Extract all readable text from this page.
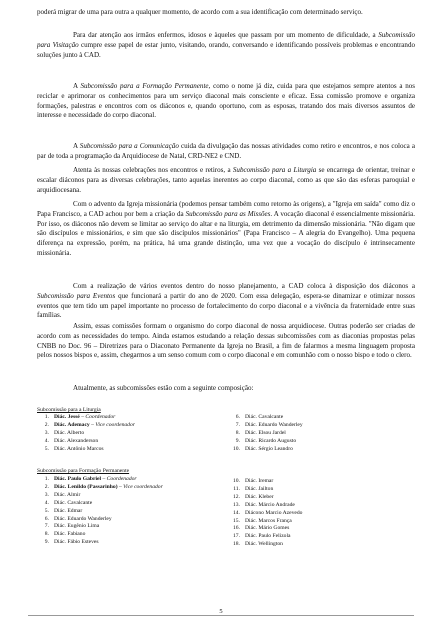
poderá migrar de uma para outra a qualquer momento, de acordo com a sua identificação com determinado serviço.

Para dar atenção aos irmãos enfermos, idosos e àqueles que passam por um momento de dificuldade, a Subcomissão para Visitação cumpre esse papel de estar junto, visitando, orando, conversando e identificando possíveis problemas e encontrando soluções junto à CAD.

A Subcomissão para a Formação Permanente, como o nome já diz, cuida para que estejamos sempre atentos a nos reciclar e aprimorar os conhecimentos para um serviço diaconal mais consciente e eficaz. Essa comissão promove e organiza formações, palestras e encontros com os diáconos e, quando oportuno, com as esposas, tratando dos mais diversos assuntos de interesse e necessidade do corpo diaconal.

A Subcomissão para a Comunicação cuida da divulgação das nossas atividades como retiro e encontros, e nos coloca a par de toda a programação da Arquidiocese de Natal, CRD-NE2 e CND.

Atenta às nossas celebrações nos encontros e retiros, a Subcomissão para a Liturgia se encarrega de orientar, treinar e escalar diáconos para as diversas celebrações, tanto aquelas inerentes ao corpo diaconal, como as que são das esferas paroquial e arquidiocesana.

Com o advento da Igreja missionária (podemos pensar também como retorno às origens), a "Igreja em saída" como diz o Papa Francisco, a CAD achou por bem a criação da Subcomissão para as Missões. A vocação diaconal é essencialmente missionária. Por isso, os diáconos não devem se limitar ao serviço do altar e na liturgia, em detrimento da dimensão missionária. "Não digam que são discípulos e missionários, e sim que são discípulos missionários" (Papa Francisco – A alegria do Evangelho). Uma pequena diferença na expressão, porém, na prática, há uma grande distinção, uma vez que a vocação do discípulo é intrinsecamente missionária.

Com a realização de vários eventos dentro do nosso planejamento, a CAD coloca à disposição dos diáconos a Subcomissão para Eventos que funcionará a partir do ano de 2020. Com essa delegação, espera-se dinamizar e otimizar nossos eventos que tem tido um papel importante no processo de fortalecimento do corpo diaconal e a vivência da fraternidade entre suas famílias.

Assim, essas comissões formam o organismo do corpo diaconal de nossa arquidiocese. Outras poderão ser criadas de acordo com as necessidades do tempo. Ainda estamos estudando a relação dessas subcomissões com as diaconias propostas pelas CNBB no Doc. 96 – Diretrizes para o Diaconato Permanente da Igreja no Brasil, a fim de falarmos a mesma linguagem proposta pelos nossos bispos e, assim, chegarmos a um senso comum com o corpo diaconal e em comunhão com o nosso bispo e todo o clero.

Atualmente, as subcomissões estão com a seguinte composição:

Subcomissão para a Liturgia
1. Diác. Jessé – Coordenador
2. Diác. Ademacy – Vice coordenador
3. Diác. Alberto
4. Diác. Alexanderson
5. Diác. Antônio Marcos
6. Diác. Cavalcante
7. Diác. Eduardo Wanderley
8. Diác. Elsou Jardel
9. Diác. Ricardo Augusto
10. Diác. Sérgio Leandro
Subcomissão para Formação Permanente
1. Diác. Paulo Gabriel – Coordenador
2. Diác. Lenildo (Passarinho) – Vice coordenador
3. Diác. Almir
4. Diác. Cavalcante
5. Diác. Edmar
6. Diác. Eduardo Wanderley
7. Diác. Eugênio Lima
8. Diác. Fabiano
9. Diác. Fábio Esteves
10. Diác. Iremar
11. Diác. Jailton
12. Diác. Kleber
13. Diác. Márcio Andrade
14. Diácono Marcio Azevedo
15. Diác. Marcos França
16. Diác. Mário Gomes
17. Diác. Paulo Felizola
18. Diác. Wellington
5
